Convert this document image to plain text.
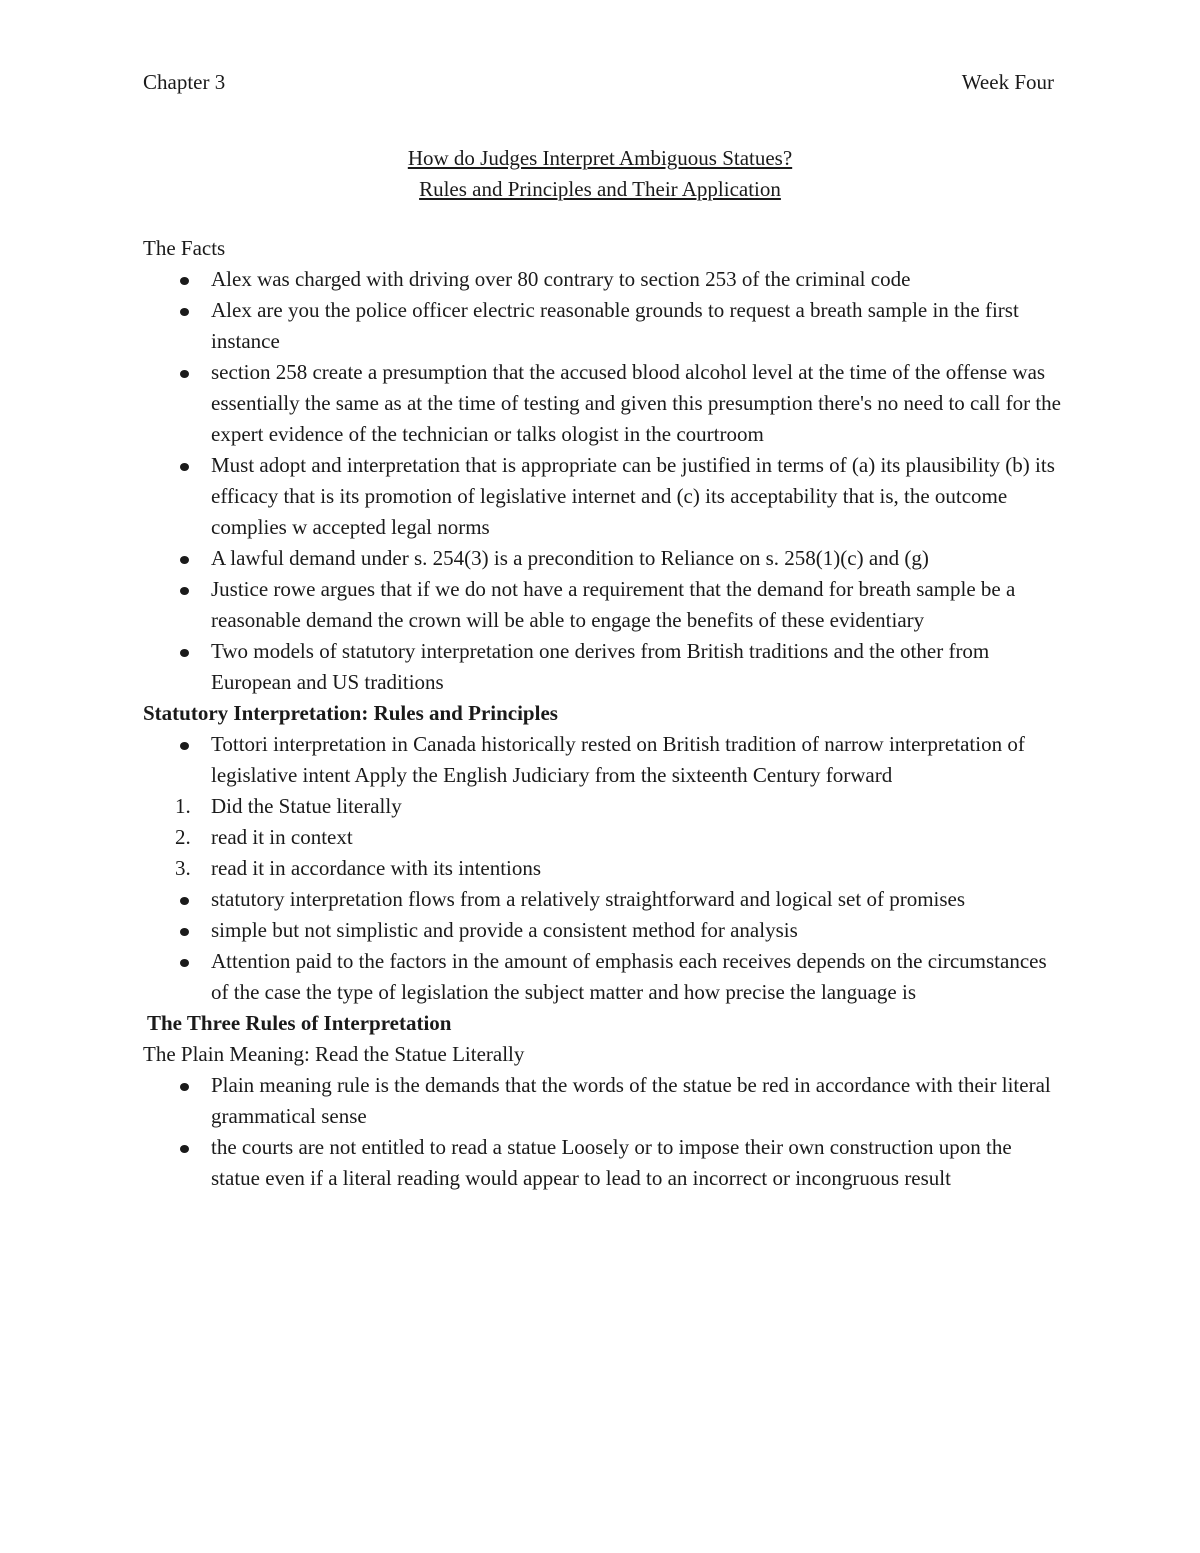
Chapter 3	Week Four
How do Judges Interpret Ambiguous Statues?
Rules and Principles and Their Application

The Facts

Alex was charged with driving over 80 contrary to section 253 of the criminal code
Alex are you the police officer electric reasonable grounds to request a breath sample in the first instance
section 258 create a presumption that the accused blood alcohol level at the time of the offense was essentially the same as at the time of testing and given this presumption there's no need to call for the expert evidence of the technician or talks ologist in the courtroom
Must adopt and interpretation that is appropriate can be justified in terms of (a) its plausibility (b) its efficacy that is its promotion of legislative internet and (c) its acceptability that is, the outcome complies w accepted legal norms
A lawful demand under s. 254(3) is a precondition to Reliance on s. 258(1)(c) and (g)
Justice rowe argues that if we do not have a requirement that the demand for breath sample be a reasonable demand the crown will be able to engage the benefits of these evidentiary
Two models of statutory interpretation one derives from British traditions and the other from European and US traditions

Statutory Interpretation: Rules and Principles

Tottori interpretation in Canada historically rested on British tradition of narrow interpretation of legislative intent Apply the English Judiciary from the sixteenth Century forward
1. Did the Statue literally
2. read it in context
3. read it in accordance with its intentions
statutory interpretation flows from a relatively straightforward and logical set of promises
simple but not simplistic and provide a consistent method for analysis
Attention paid to the factors in the amount of emphasis each receives depends on the circumstances of the case the type of legislation the subject matter and how precise the language is

The Three Rules of Interpretation

The Plain Meaning: Read the Statue Literally

Plain meaning rule is the demands that the words of the statue be red in accordance with their literal grammatical sense
the courts are not entitled to read a statue Loosely or to impose their own construction upon the statue even if a literal reading would appear to lead to an incorrect or incongruous result
